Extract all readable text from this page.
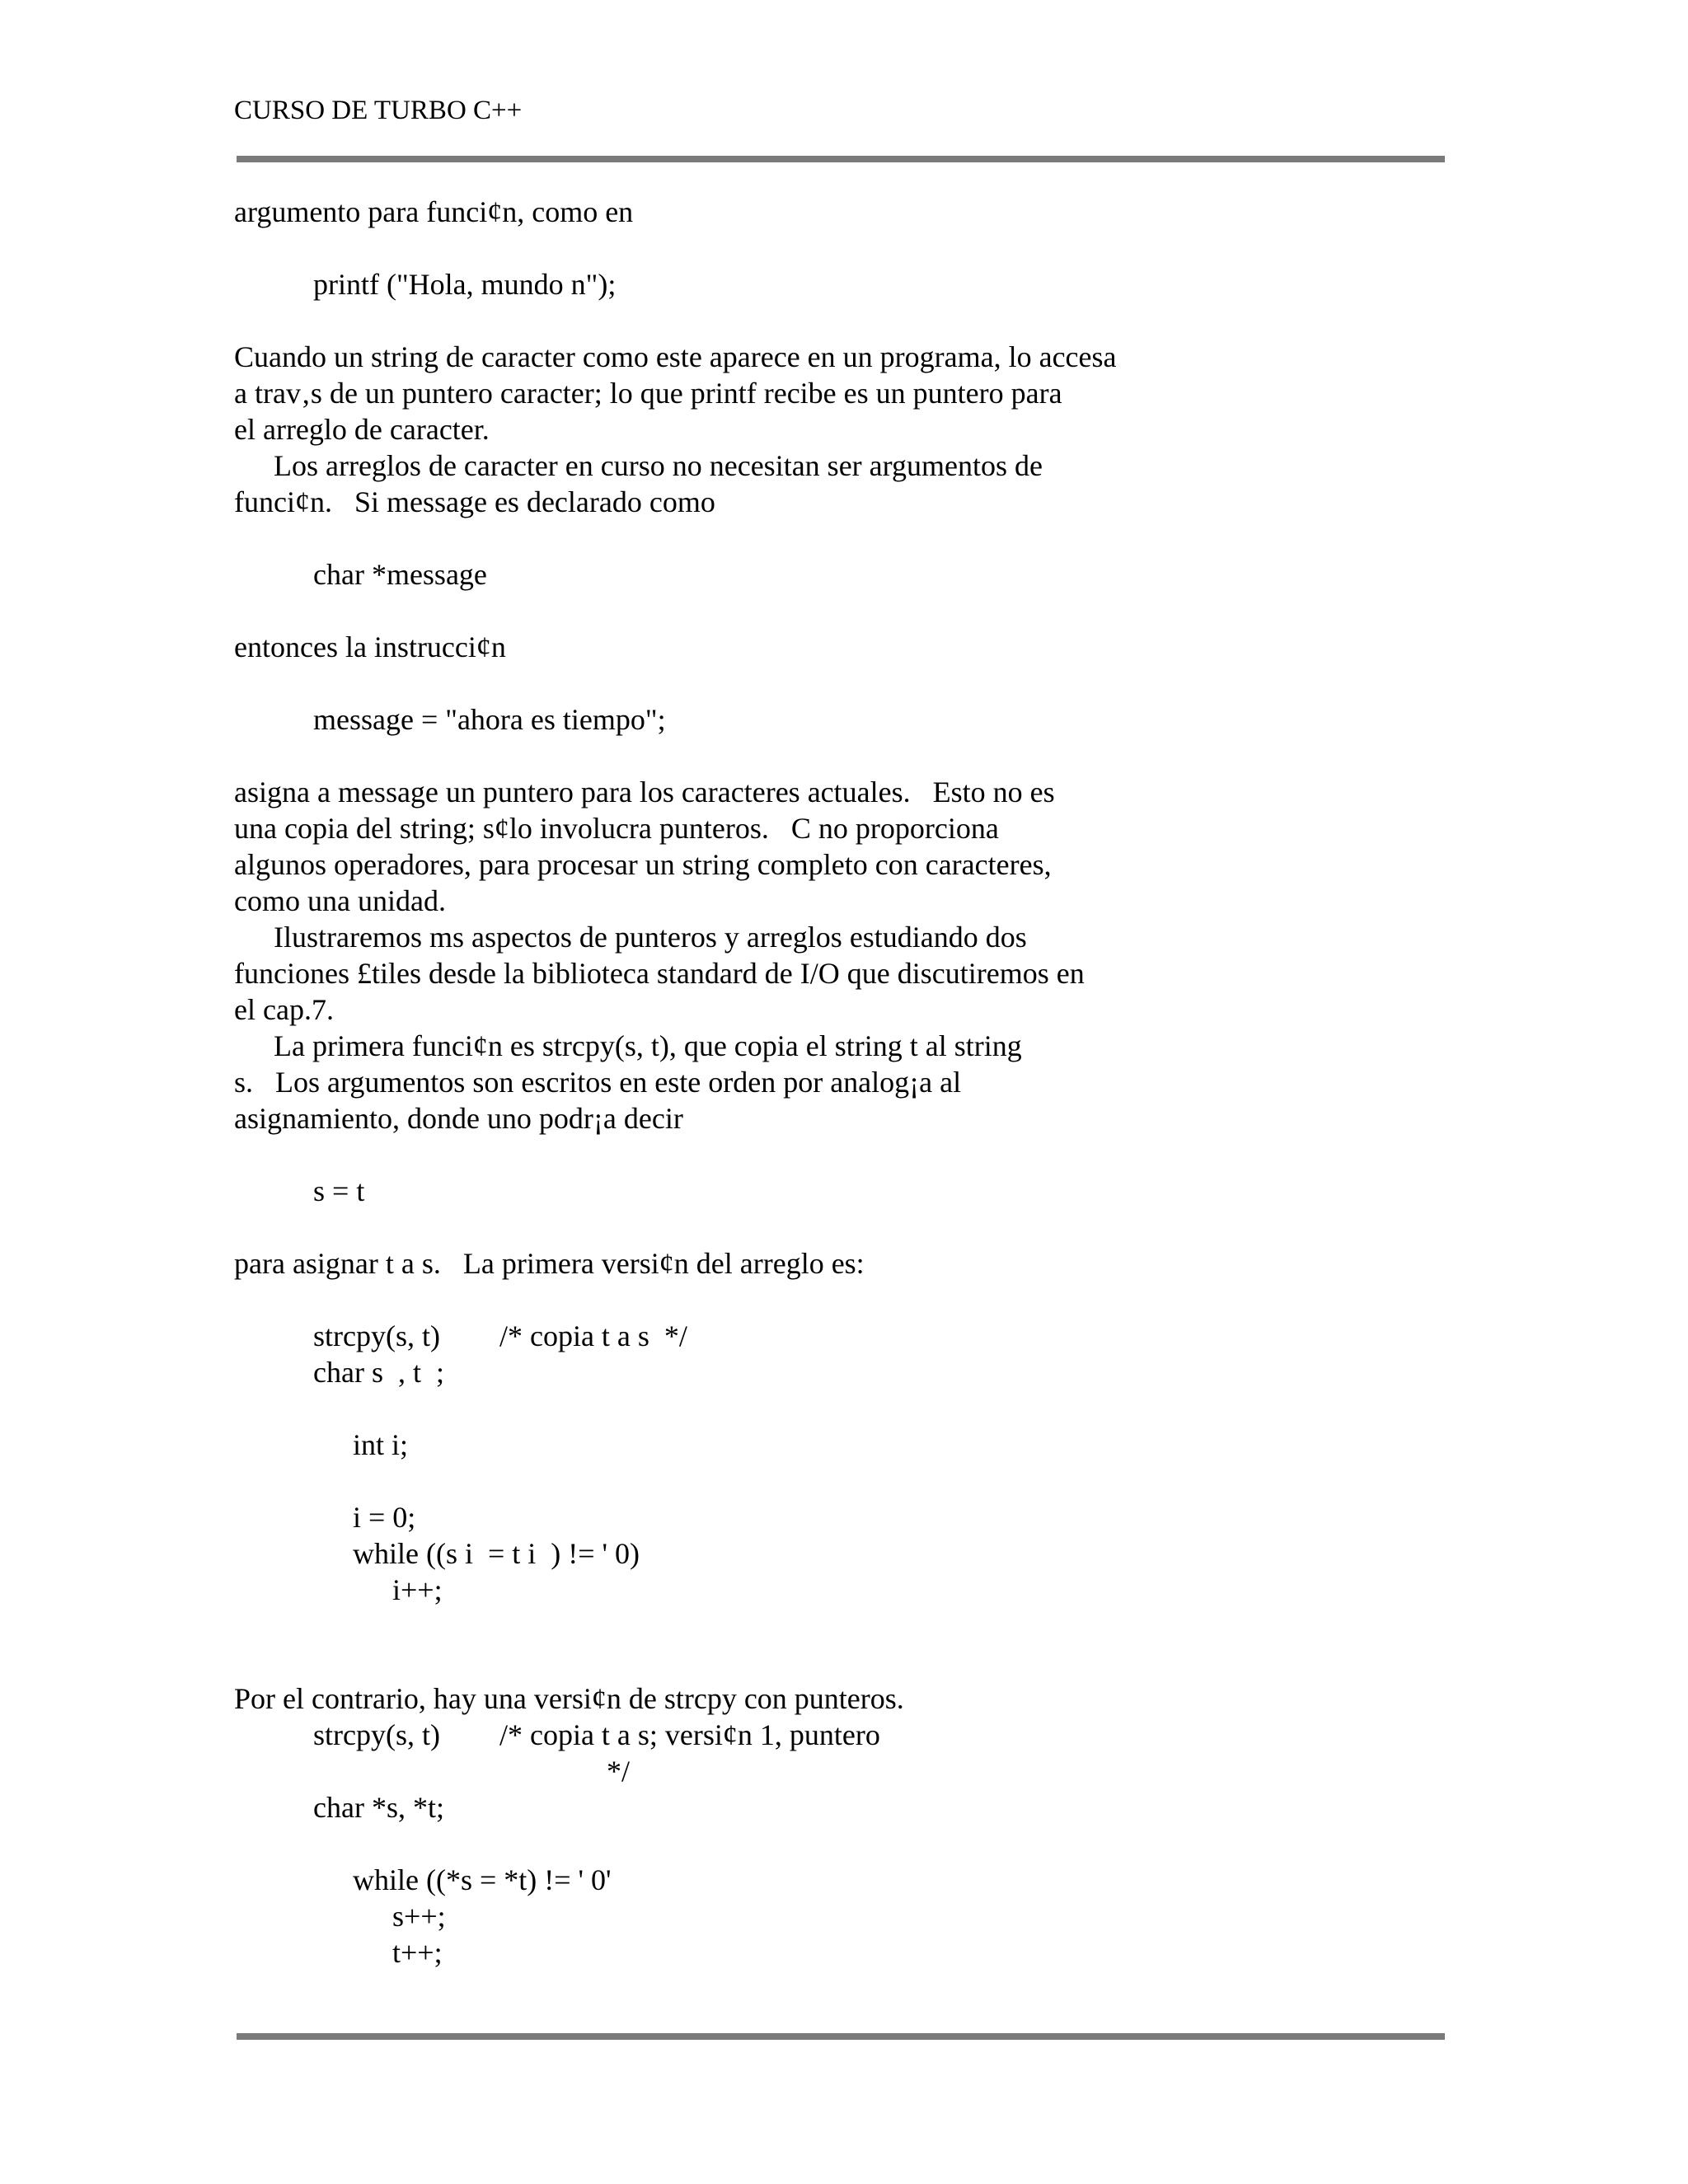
CURSO DE TURBO C++
argumento para funci¢n, como en
printf ("Hola, mundo n");
Cuando un string de caracter como este aparece en un programa, lo accesa
a trav‚s de un puntero caracter; lo que printf recibe es un puntero para
el arreglo de caracter.
Los arreglos de caracter en curso no necesitan ser argumentos de
funci¢n.   Si message es declarado como
char *message
entonces la instrucci¢n
message = "ahora es tiempo";
asigna a message un puntero para los caracteres actuales.   Esto no es
una copia del string; s¢lo involucra punteros.   C no proporciona
algunos operadores, para procesar un string completo con caracteres,
como una unidad.
Ilustraremos ms aspectos de punteros y arreglos estudiando dos
funciones £tiles desde la biblioteca standard de I/O que discutiremos en
el cap.7.
La primera funci¢n es strcpy(s, t), que copia el string t al string
s.   Los argumentos son escritos en este orden por analog¡a al
asignamiento, donde uno podr¡a decir
s = t
para asignar t a s.   La primera versi¢n del arreglo es:
strcpy(s, t)        /* copia t a s  */
char s  , t  ;
int i;
i = 0;
while ((s i  = t i  ) != ' 0)
i++;
Por el contrario, hay una versi¢n de strcpy con punteros.
strcpy(s, t)        /* copia t a s; versi¢n 1, puntero
*/
char *s, *t;
while ((*s = *t) != ' 0'
s++;
t++;
